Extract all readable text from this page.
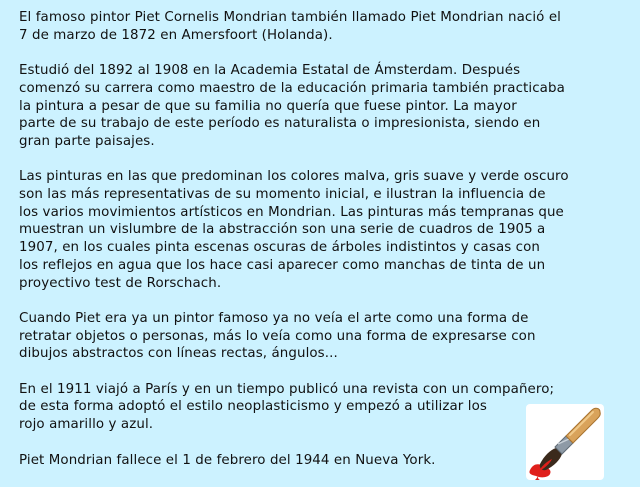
El famoso pintor Piet Cornelis Mondrian también llamado Piet Mondrian nació el
7 de marzo de 1872 en Amersfoort (Holanda).

Estudió del 1892 al 1908 en la Academia Estatal de Ámsterdam. Después
comenzó su carrera como maestro de la educación primaria también practicaba
la pintura a pesar de que su familia no quería que fuese pintor. La mayor
parte de su trabajo de este período es naturalista o impresionista, siendo en
gran parte paisajes.

Las pinturas en las que predominan los colores malva, gris suave y verde oscuro
son las más representativas de su momento inicial, e ilustran la influencia de
los varios movimientos artísticos en Mondrian. Las pinturas más tempranas que
muestran un vislumbre de la abstracción son una serie de cuadros de 1905 a
1907, en los cuales pinta escenas oscuras de árboles indistintos y casas con
los reflejos en agua que los hace casi aparecer como manchas de tinta de un
proyectivo test de Rorschach.

Cuando Piet era ya un pintor famoso ya no veía el arte como una forma de
retratar objetos o personas, más lo veía como una forma de expresarse con
dibujos abstractos con líneas rectas, ángulos...

En el 1911 viajó a París y en un tiempo publicó una revista con un compañero;
de esta forma adoptó el estilo neoplasticismo y empezó a utilizar los
rojo amarillo y azul.

Piet Mondrian fallece el 1 de febrero del 1944 en Nueva York.
